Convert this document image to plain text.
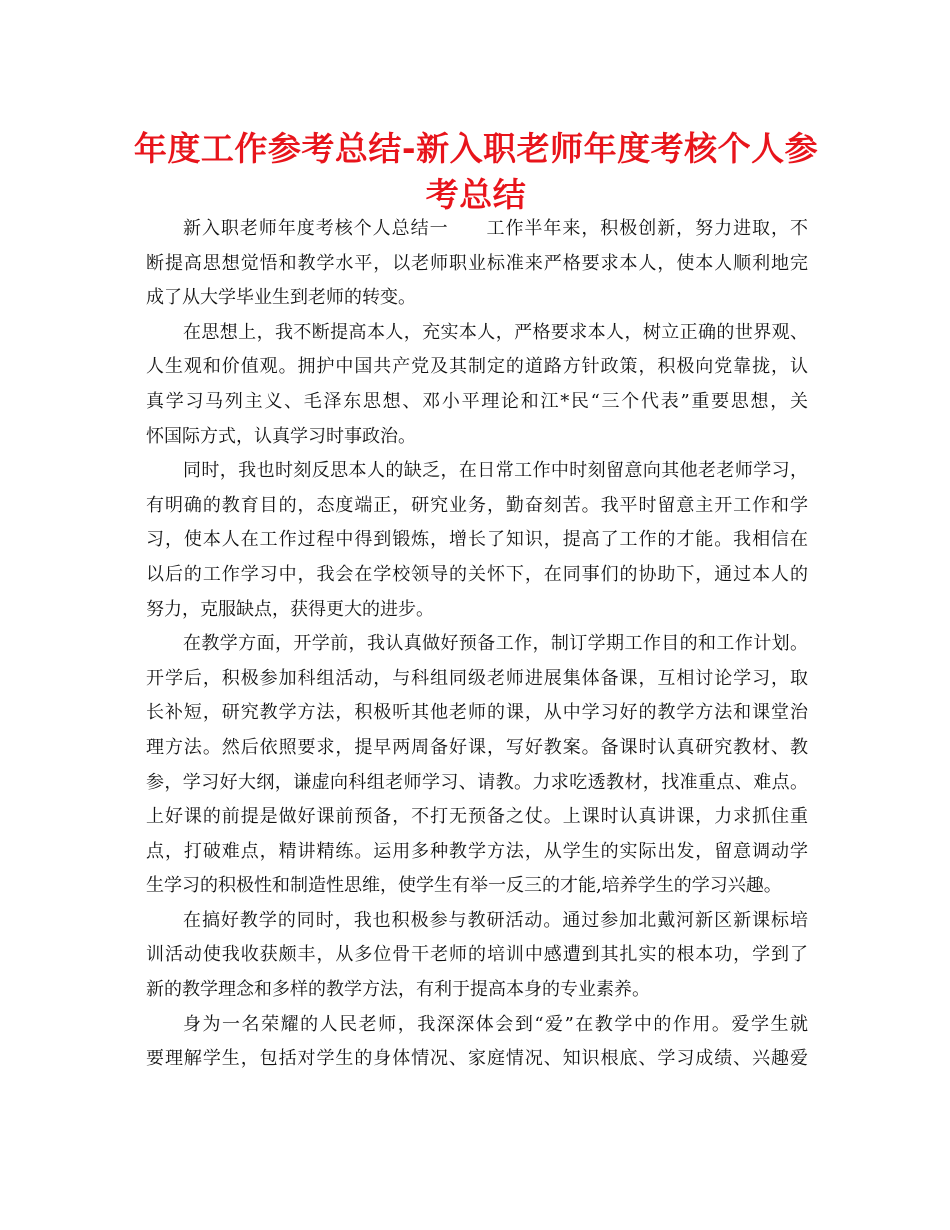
年度工作参考总结-新入职老师年度考核个人参
考总结
新入职老师年度考核个人总结一　　工作半年来，积极创新，努力进取，不
断提高思想觉悟和教学水平，以老师职业标准来严格要求本人，使本人顺利地完
成了从大学毕业生到老师的转变。
在思想上，我不断提高本人，充实本人，严格要求本人，树立正确的世界观、
人生观和价值观。拥护中国共产党及其制定的道路方针政策，积极向党靠拢，认
真学习马列主义、毛泽东思想、邓小平理论和江*民“三个代表”重要思想，关
怀国际方式，认真学习时事政治。
同时，我也时刻反思本人的缺乏，在日常工作中时刻留意向其他老老师学习，
有明确的教育目的，态度端正，研究业务，勤奋刻苦。我平时留意主开工作和学
习，使本人在工作过程中得到锻炼，增长了知识，提高了工作的才能。我相信在
以后的工作学习中，我会在学校领导的关怀下，在同事们的协助下，通过本人的
努力，克服缺点，获得更大的进步。
在教学方面，开学前，我认真做好预备工作，制订学期工作目的和工作计划。
开学后，积极参加科组活动，与科组同级老师进展集体备课，互相讨论学习，取
长补短，研究教学方法，积极听其他老师的课，从中学习好的教学方法和课堂治
理方法。然后依照要求，提早两周备好课，写好教案。备课时认真研究教材、教
参，学习好大纲，谦虚向科组老师学习、请教。力求吃透教材，找准重点、难点。
上好课的前提是做好课前预备，不打无预备之仗。上课时认真讲课，力求抓住重
点，打破难点，精讲精练。运用多种教学方法，从学生的实际出发，留意调动学
生学习的积极性和制造性思维，使学生有举一反三的才能,培养学生的学习兴趣。
在搞好教学的同时，我也积极参与教研活动。通过参加北戴河新区新课标培
训活动使我收获颇丰，从多位骨干老师的培训中感遭到其扎实的根本功，学到了
新的教学理念和多样的教学方法，有利于提高本身的专业素养。
身为一名荣耀的人民老师，我深深体会到“爱”在教学中的作用。爱学生就
要理解学生，包括对学生的身体情况、家庭情况、知识根底、学习成绩、兴趣爱
